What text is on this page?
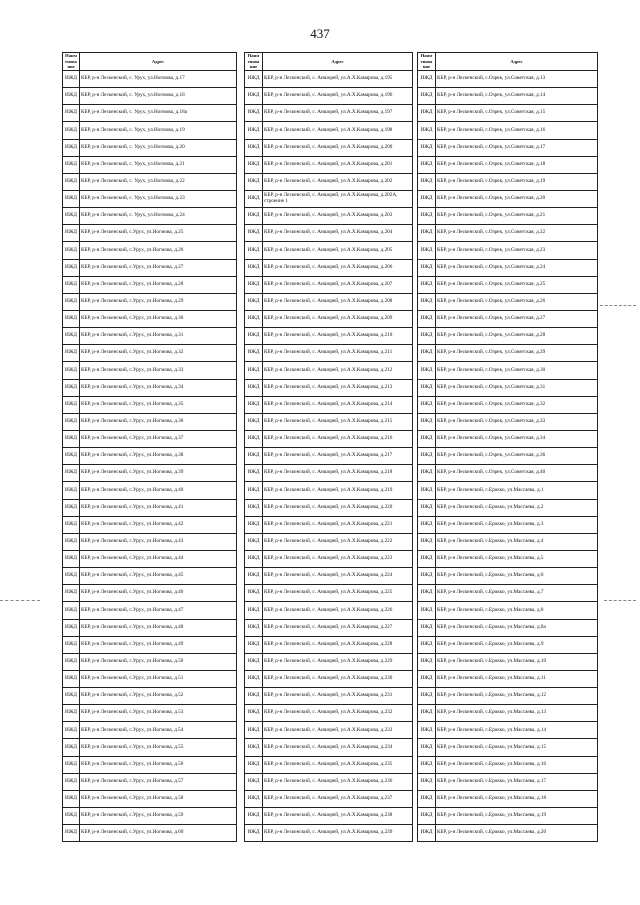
437
Наим енова ние	Адрес
ИЖД	КБР, р-н Лескенский, с. Урух, ул.Ногмова, д.17
ИЖД	КБР, р-н Лескенский, с. Урух, ул.Ногмова, д.18
ИЖД	КБР, р-н Лескенский, с. Урух, ул.Ногмова, д.18а
ИЖД	КБР, р-н Лескенский, с. Урух, ул.Ногмова, д.19
ИЖД	КБР, р-н Лескенский, с. Урух, ул.Ногмова, д.20
ИЖД	КБР, р-н Лескенский, с. Урух, ул.Ногмова, д.21
ИЖД	КБР, р-н Лескенский, с. Урух, ул.Ногмова, д.22
ИЖД	КБР, р-н Лескенский, с. Урух, ул.Ногмова, д.23
ИЖД	КБР, р-н Лескенский, с. Урух, ул.Ногмова, д.24
ИЖД	КБР, р-н Лескенский, с.Урух, ул.Ногмова, д.25
ИЖД	КБР, р-н Лескенский, с.Урух, ул.Ногмова, д.26
ИЖД	КБР, р-н Лескенский, с.Урух, ул.Ногмова, д.27
ИЖД	КБР, р-н Лескенский, с.Урух, ул.Ногмова, д.28
ИЖД	КБР, р-н Лескенский, с.Урух, ул.Ногмова, д.29
ИЖД	КБР, р-н Лескенский, с.Урух, ул.Ногмова, д.30
ИЖД	КБР, р-н Лескенский, с.Урух, ул.Ногмова, д.31
ИЖД	КБР, р-н Лескенский, с.Урух, ул.Ногмова, д.32
ИЖД	КБР, р-н Лескенский, с.Урух, ул.Ногмова, д.33
ИЖД	КБР, р-н Лескенский, с.Урух, ул.Ногмова, д.34
ИЖД	КБР, р-н Лескенский, с.Урух, ул.Ногмова, д.35
ИЖД	КБР, р-н Лескенский, с.Урух, ул.Ногмова, д.36
ИЖД	КБР, р-н Лескенский, с.Урух, ул.Ногмова, д.37
ИЖД	КБР, р-н Лескенский, с.Урух, ул.Ногмова, д.38
ИЖД	КБР, р-н Лескенский, с.Урух, ул.Ногмова, д.39
ИЖД	КБР, р-н Лескенский, с.Урух, ул.Ногмова, д.40
ИЖД	КБР, р-н Лескенский, с.Урух, ул.Ногмова, д.41
ИЖД	КБР, р-н Лескенский, с.Урух, ул.Ногмова, д.42
ИЖД	КБР, р-н Лескенский, с.Урух, ул.Ногмова, д.43
ИЖД	КБР, р-н Лескенский, с.Урух, ул.Ногмова, д.44
ИЖД	КБР, р-н Лескенский, с.Урух, ул.Ногмова, д.45
ИЖД	КБР, р-н Лескенский, с.Урух, ул.Ногмова, д.46
ИЖД	КБР, р-н Лескенский, с.Урух, ул.Ногмова, д.47
ИЖД	КБР, р-н Лескенский, с.Урух, ул.Ногмова, д.48
ИЖД	КБР, р-н Лескенский, с.Урух, ул.Ногмова, д.49
ИЖД	КБР, р-н Лескенский, с.Урух, ул.Ногмова, д.50
ИЖД	КБР, р-н Лескенский, с.Урух, ул.Ногмова, д.51
ИЖД	КБР, р-н Лескенский, с.Урух, ул.Ногмова, д.52
ИЖД	КБР, р-н Лескенский, с.Урух, ул.Ногмова, д.53
ИЖД	КБР, р-н Лескенский, с.Урух, ул.Ногмова, д.54
ИЖД	КБР, р-н Лескенский, с.Урух, ул.Ногмова, д.55
ИЖД	КБР, р-н Лескенский, с.Урух, ул.Ногмова, д.56
ИЖД	КБР, р-н Лескенский, с.Урух, ул.Ногмова, д.57
ИЖД	КБР, р-н Лескенский, с.Урух, ул.Ногмова, д.58
ИЖД	КБР, р-н Лескенский, с.Урух, ул.Ногмова, д.59
ИЖД	КБР, р-н Лескенский, с.Урух, ул.Ногмова, д.60
Наим енова ние	Адрес
ИЖД	КБР, р-н Лескенский, с. Аншорей, ул.А.Х.Камарова, д.195
ИЖД	КБР, р-н Лескенский, с. Аншорей, ул.А.Х.Камарова, д.196
ИЖД	КБР, р-н Лескенский, с. Аншорей, ул.А.Х.Камарова, д.197
ИЖД	КБР, р-н Лескенский, с. Аншорей, ул.А.Х.Камарова, д.198
ИЖД	КБР, р-н Лескенский, с. Аншорей, ул.А.Х.Камарова, д.200
ИЖД	КБР, р-н Лескенский, с. Аншорей, ул.А.Х.Камарова, д.201
ИЖД	КБР, р-н Лескенский, с. Аншорей, ул.А.Х.Камарова, д.202
ИЖД	КБР, р-н Лескенский, с. Аншорей, ул.А.Х.Камарова, д.202А, строение 1
ИЖД	КБР, р-н Лескенский, с. Аншорей, ул.А.Х.Камарова, д.203
ИЖД	КБР, р-н Лескенский, с. Аншорей, ул.А.Х.Камарова, д.204
ИЖД	КБР, р-н Лескенский, с. Аншорей, ул.А.Х.Камарова, д.205
ИЖД	КБР, р-н Лескенский, с. Аншорей, ул.А.Х.Камарова, д.206
ИЖД	КБР, р-н Лескенский, с. Аншорей, ул.А.Х.Камарова, д.207
ИЖД	КБР, р-н Лескенский, с. Аншорей, ул.А.Х.Камарова, д.208
ИЖД	КБР, р-н Лескенский, с. Аншорей, ул.А.Х.Камарова, д.209
ИЖД	КБР, р-н Лескенский, с. Аншорей, ул.А.Х.Камарова, д.210
ИЖД	КБР, р-н Лескенский, с. Аншорей, ул.А.Х.Камарова, д.211
ИЖД	КБР, р-н Лескенский, с. Аншорей, ул.А.Х.Камарова, д.212
ИЖД	КБР, р-н Лескенский, с. Аншорей, ул.А.Х.Камарова, д.213
ИЖД	КБР, р-н Лескенский, с. Аншорей, ул.А.Х.Камарова, д.214
ИЖД	КБР, р-н Лескенский, с. Аншорей, ул.А.Х.Камарова, д.215
ИЖД	КБР, р-н Лескенский, с. Аншорей, ул.А.Х.Камарова, д.216
ИЖД	КБР, р-н Лескенский, с. Аншорей, ул.А.Х.Камарова, д.217
ИЖД	КБР, р-н Лескенский, с. Аншорей, ул.А.Х.Камарова, д.218
ИЖД	КБР, р-н Лескенский, с. Аншорей, ул.А.Х.Камарова, д.219
ИЖД	КБР, р-н Лескенский, с. Аншорей, ул.А.Х.Камарова, д.220
ИЖД	КБР, р-н Лескенский, с. Аншорей, ул.А.Х.Камарова, д.221
ИЖД	КБР, р-н Лескенский, с. Аншорей, ул.А.Х.Камарова, д.222
ИЖД	КБР, р-н Лескенский, с. Аншорей, ул.А.Х.Камарова, д.223
ИЖД	КБР, р-н Лескенский, с. Аншорей, ул.А.Х.Камарова, д.224
ИЖД	КБР, р-н Лескенский, с. Аншорей, ул.А.Х.Камарова, д.225
ИЖД	КБР, р-н Лескенский, с. Аншорей, ул.А.Х.Камарова, д.226
ИЖД	КБР, р-н Лескенский, с. Аншорей, ул.А.Х.Камарова, д.227
ИЖД	КБР, р-н Лескенский, с. Аншорей, ул.А.Х.Камарова, д.228
ИЖД	КБР, р-н Лескенский, с. Аншорей, ул.А.Х.Камарова, д.229
ИЖД	КБР, р-н Лескенский, с. Аншорей, ул.А.Х.Камарова, д.230
ИЖД	КБР, р-н Лескенский, с. Аншорей, ул.А.Х.Камарова, д.231
ИЖД	КБР, р-н Лескенский, с. Аншорей, ул.А.Х.Камарова, д.232
ИЖД	КБР, р-н Лескенский, с. Аншорей, ул.А.Х.Камарова, д.233
ИЖД	КБР, р-н Лескенский, с. Аншорей, ул.А.Х.Камарова, д.234
ИЖД	КБР, р-н Лескенский, с. Аншорей, ул.А.Х.Камарова, д.235
ИЖД	КБР, р-н Лескенский, с. Аншорей, ул.А.Х.Камарова, д.236
ИЖД	КБР, р-н Лескенский, с. Аншорей, ул.А.Х.Камарова, д.237
ИЖД	КБР, р-н Лескенский, с. Аншорей, ул.А.Х.Камарова, д.238
ИЖД	КБР, р-н Лескенский, с. Аншорей, ул.А.Х.Камарова, д.239
Наим енова ние	Адрес
ИЖД	КБР, р-н Лескенский, с.Озрек, ул.Советская, д.13
ИЖД	КБР, р-н Лескенский, с.Озрек, ул.Советская, д.14
ИЖД	КБР, р-н Лескенский, с.Озрек, ул.Советская, д.15
ИЖД	КБР, р-н Лескенский, с.Озрек, ул.Советская, д.16
ИЖД	КБР, р-н Лескенский, с.Озрек, ул.Советская, д.17
ИЖД	КБР, р-н Лескенский, с.Озрек, ул.Советская, д.18
ИЖД	КБР, р-н Лескенский, с.Озрек, ул.Советская, д.19
ИЖД	КБР, р-н Лескенский, с.Озрек, ул.Советская, д.20
ИЖД	КБР, р-н Лескенский, с.Озрек, ул.Советская, д.21
ИЖД	КБР, р-н Лескенский, с.Озрек, ул.Советская, д.22
ИЖД	КБР, р-н Лескенский, с.Озрек, ул.Советская, д.23
ИЖД	КБР, р-н Лескенский, с.Озрек, ул.Советская, д.24
ИЖД	КБР, р-н Лескенский, с.Озрек, ул.Советская, д.25
ИЖД	КБР, р-н Лескенский, с.Озрек, ул.Советская, д.26
ИЖД	КБР, р-н Лескенский, с.Озрек, ул.Советская, д.27
ИЖД	КБР, р-н Лескенский, с.Озрек, ул.Советская, д.28
ИЖД	КБР, р-н Лескенский, с.Озрек, ул.Советская, д.29
ИЖД	КБР, р-н Лескенский, с.Озрек, ул.Советская, д.30
ИЖД	КБР, р-н Лескенский, с.Озрек, ул.Советская, д.31
ИЖД	КБР, р-н Лескенский, с.Озрек, ул.Советская, д.32
ИЖД	КБР, р-н Лескенский, с.Озрек, ул.Советская, д.33
ИЖД	КБР, р-н Лескенский, с.Озрек, ул.Советская, д.34
ИЖД	КБР, р-н Лескенский, с.Озрек, ул.Советская, д.36
ИЖД	КБР, р-н Лескенский, с.Озрек, ул.Советская, д.40
ИЖД	КБР, р-н Лескенский, с.Ерокко, ул.Массаева, д.1
ИЖД	КБР, р-н Лескенский, с.Ерокко, ул.Массаева, д.2
ИЖД	КБР, р-н Лескенский, с.Ерокко, ул.Массаева, д.3
ИЖД	КБР, р-н Лескенский, с.Ерокко, ул.Массаева, д.4
ИЖД	КБР, р-н Лескенский, с.Ерокко, ул.Массаева, д.5
ИЖД	КБР, р-н Лескенский, с.Ерокко, ул.Массаева, д.6
ИЖД	КБР, р-н Лескенский, с.Ерокко, ул.Массаева, д.7
ИЖД	КБР, р-н Лескенский, с.Ерокко, ул.Массаева, д.8
ИЖД	КБР, р-н Лескенский, с.Ерокко, ул.Массаева, д.8а
ИЖД	КБР, р-н Лескенский, с.Ерокко, ул.Массаева, д.9
ИЖД	КБР, р-н Лескенский, с.Ерокко, ул.Массаева, д.10
ИЖД	КБР, р-н Лескенский, с.Ерокко, ул.Массаева, д.11
ИЖД	КБР, р-н Лескенский, с.Ерокко, ул.Массаева, д.12
ИЖД	КБР, р-н Лескенский, с.Ерокко, ул.Массаева, д.13
ИЖД	КБР, р-н Лескенский, с.Ерокко, ул.Массаева, д.14
ИЖД	КБР, р-н Лескенский, с.Ерокко, ул.Массаева, д.15
ИЖД	КБР, р-н Лескенский, с.Ерокко, ул.Массаева, д.16
ИЖД	КБР, р-н Лескенский, с.Ерокко, ул.Массаева, д.17
ИЖД	КБР, р-н Лескенский, с.Ерокко, ул.Массаева, д.18
ИЖД	КБР, р-н Лескенский, с.Ерокко, ул.Массаева, д.19
ИЖД	КБР, р-н Лескенский, с.Ерокко, ул.Массаева, д.20
